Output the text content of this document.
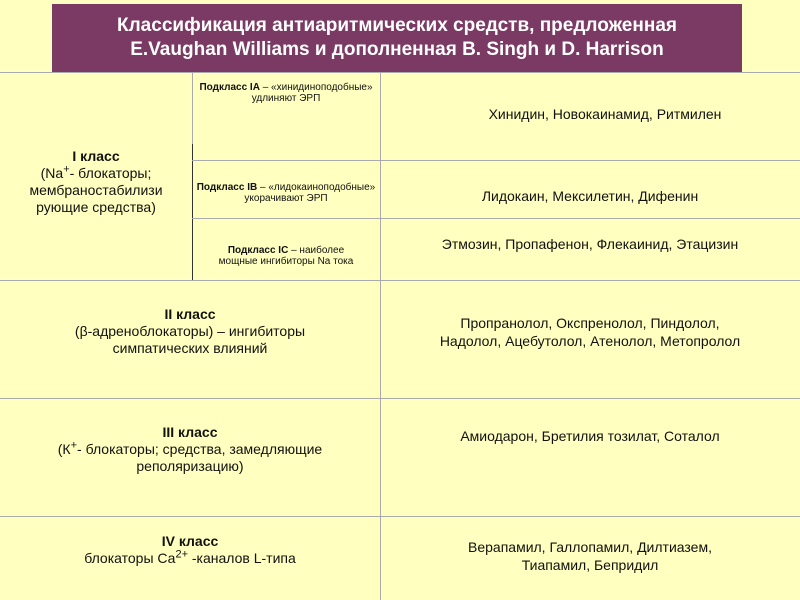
Классификация антиаритмических средств, предложенная
E.Vaughan Williams и дополненная B. Singh и D. Harrison
I класс
(Na+- блокаторы;
мембраностабилизи
рующие средства)
Подкласс IA – «хинидиноподобные»
удлиняют ЭРП
Хинидин, Новокаинамид, Ритмилен
Подкласс IB – «лидокаиноподобные»
укорачивают ЭРП	Лидокаин, Мексилетин, Дифенин
Подкласс IC – наиболее
мощные ингибиторы Na тока
Этмозин, Пропафенон, Флекаинид, Этацизин
II класс
(β-адреноблокаторы) – ингибиторы
симпатических влияний
Пропранолол, Окспренолол, Пиндолол,
Надолол, Ацебутолол, Атенолол, Метопролол
III класс
(К+- блокаторы; средства, замедляющие
реполяризацию)
Амиодарон, Бретилия тозилат, Соталол
IV класс
блокаторы $Са^{2+}$ -каналов L-типа
Верапамил, Галлопамил, Дилтиазем,
Тиапамил, Бепридил
